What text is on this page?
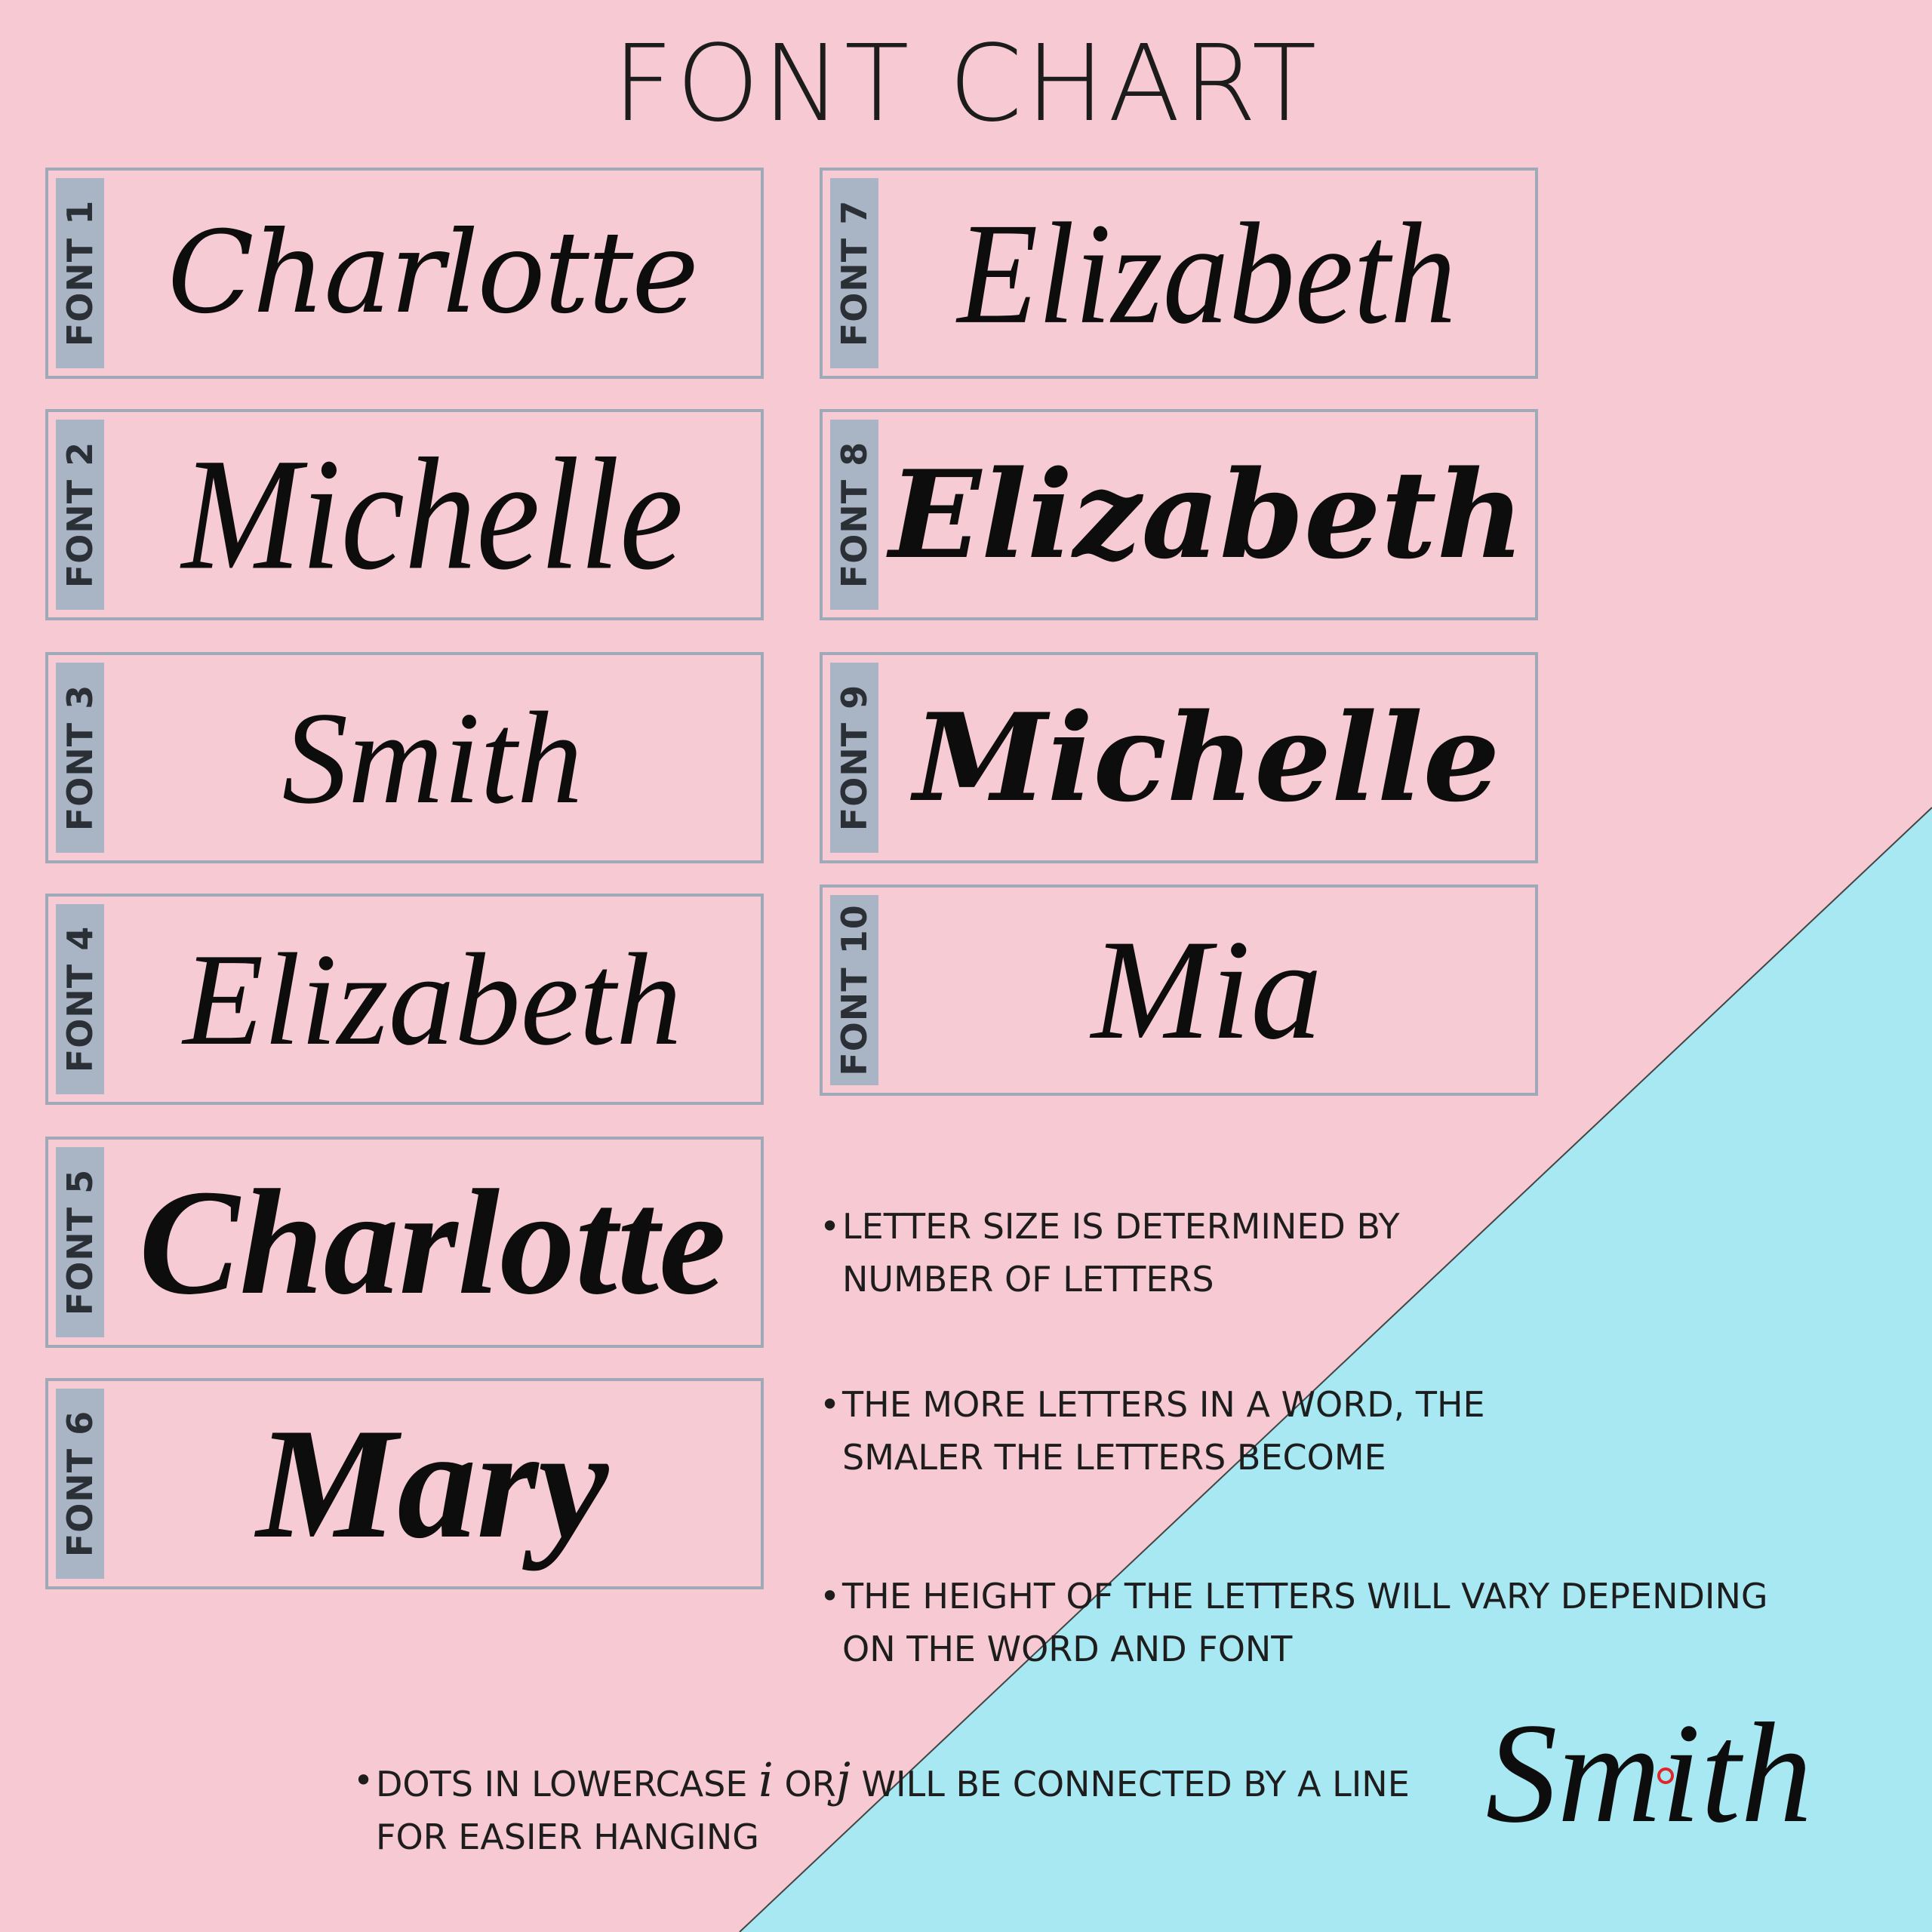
FONT CHART
FONT 1 Charlotte
FONT 2 Michelle
FONT 3	Smith
FONT 4 Elizabeth
FONT 5 Charlotte
FONT 6 Mary
FONT 7 Elizabeth
FONT 8 Elizabeth
FONT 9 Michelle
FONT 10	Mia
• LETTER SIZE IS DETERMINED BY
NUMBER OF LETTERS
• THE MORE LETTERS IN A WORD, THE
SMALER THE LETTERS BECOME
• THE HEIGHT OF THE LETTERS WILL VARY DEPENDING
ON THE WORD AND FONT
• DOTS IN LOWERCASE i ORj WILL BE CONNECTED BY A LINE
FOR EASIER HANGING	Smith
